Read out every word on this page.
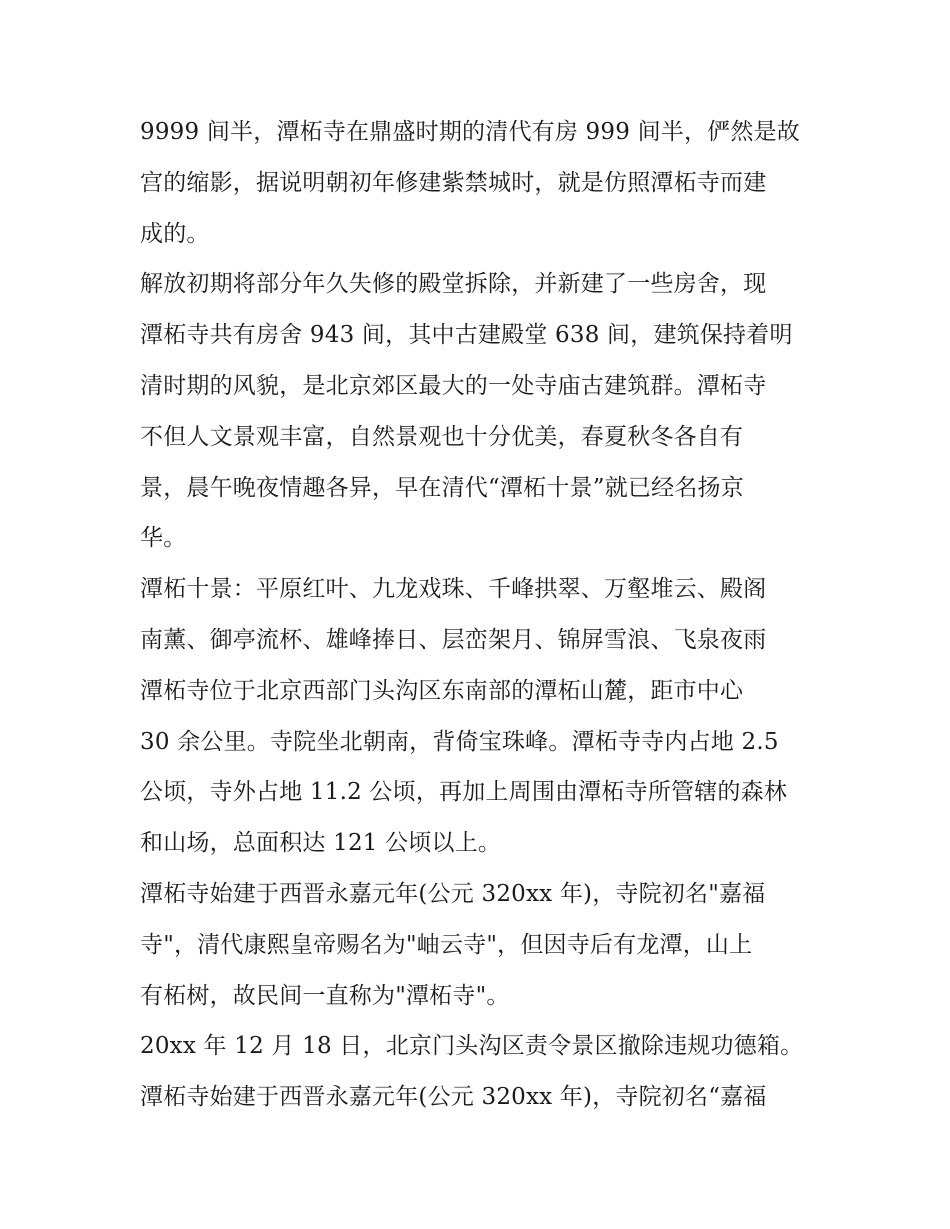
9999 间半，潭柘寺在鼎盛时期的清代有房 999 间半，俨然是故
宫的缩影，据说明朝初年修建紫禁城时，就是仿照潭柘寺而建
成的。
解放初期将部分年久失修的殿堂拆除，并新建了一些房舍，现
潭柘寺共有房舍 943 间，其中古建殿堂 638 间，建筑保持着明
清时期的风貌，是北京郊区最大的一处寺庙古建筑群。潭柘寺
不但人文景观丰富，自然景观也十分优美，春夏秋冬各自有
景，晨午晚夜情趣各异，早在清代“潭柘十景”就已经名扬京
华。
潭柘十景：平原红叶、九龙戏珠、千峰拱翠、万壑堆云、殿阁
南薰、御亭流杯、雄峰捧日、层峦架月、锦屏雪浪、飞泉夜雨
潭柘寺位于北京西部门头沟区东南部的潭柘山麓，距市中心
30 余公里。寺院坐北朝南，背倚宝珠峰。潭柘寺寺内占地 2.5
公顷，寺外占地 11.2 公顷，再加上周围由潭柘寺所管辖的森林
和山场，总面积达 121 公顷以上。
潭柘寺始建于西晋永嘉元年(公元 320xx 年)，寺院初名"嘉福
寺"，清代康熙皇帝赐名为"岫云寺"，但因寺后有龙潭，山上
有柘树，故民间一直称为"潭柘寺"。
20xx 年 12 月 18 日，北京门头沟区责令景区撤除违规功德箱。
潭柘寺始建于西晋永嘉元年(公元 320xx 年)，寺院初名“嘉福
